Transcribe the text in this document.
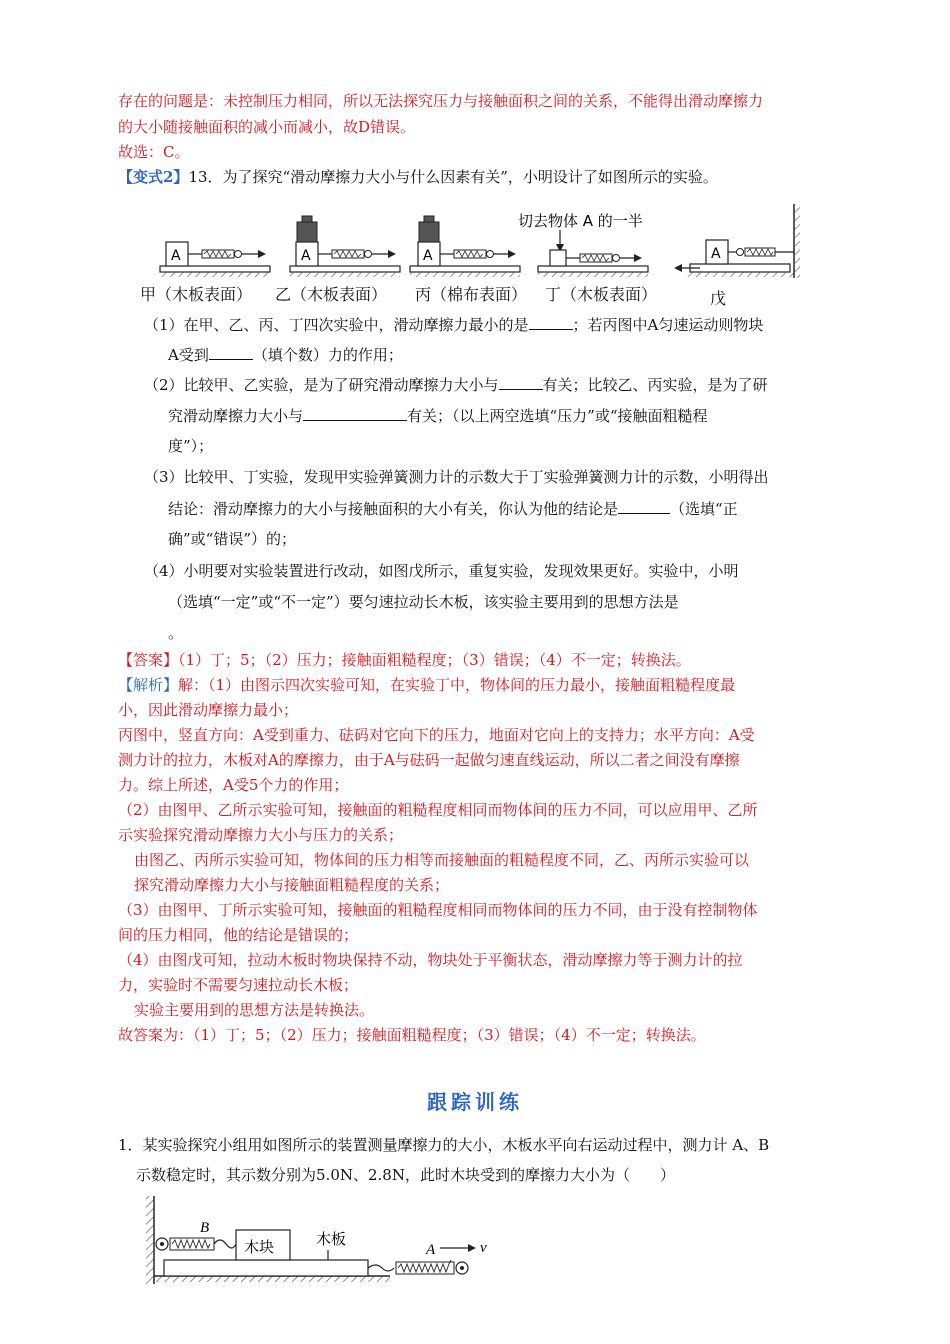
存在的问题是：未控制压力相同，所以无法探究压力与接触面积之间的关系，不能得出滑动摩擦力
的大小随接触面积的减小而减小，故D错误。
故选：C。
【变式2】13．为了探究“滑动摩擦力大小与什么因素有关”，小明设计了如图所示的实验。
A	A	A
切去物体 A 的一半
A
甲（木板表面） 乙（木板表面） 丙（棉布表面） 丁（木板表面）	戊
（1）在甲、乙、丙、丁四次实验中，滑动摩擦力最小的是	；若丙图中A匀速运动则物块
A受到	（填个数）力的作用；
（2）比较甲、乙实验，是为了研究滑动摩擦力大小与	有关；比较乙、丙实验，是为了研
究滑动摩擦力大小与	有关；（以上两空选填“压力”或“接触面粗糙程
度”）；
（3）比较甲、丁实验，发现甲实验弹簧测力计的示数大于丁实验弹簧测力计的示数，小明得出
结论：滑动摩擦力的大小与接触面积的大小有关，你认为他的结论是	（选填“正
确”或“错误”）的；
（4）小明要对实验装置进行改动，如图戊所示，重复实验，发现效果更好。实验中，小明
（选填“一定”或“不一定”）要匀速拉动长木板，该实验主要用到的思想方法是
。
【答案】（1）丁；5；（2）压力；接触面粗糙程度；（3）错误；（4）不一定；转换法。
【解析】解：（1）由图示四次实验可知，在实验丁中，物体间的压力最小，接触面粗糙程度最
小，因此滑动摩擦力最小；
丙图中，竖直方向：A受到重力、砝码对它向下的压力，地面对它向上的支持力；水平方向：A受
测力计的拉力，木板对A的摩擦力，由于A与砝码一起做匀速直线运动，所以二者之间没有摩擦
力。综上所述，A受5个力的作用；
（2）由图甲、乙所示实验可知，接触面的粗糙程度相同而物体间的压力不同，可以应用甲、乙所
示实验探究滑动摩擦力大小与压力的关系；
由图乙、丙所示实验可知，物体间的压力相等而接触面的粗糙程度不同，乙、丙所示实验可以
探究滑动摩擦力大小与接触面粗糙程度的关系；
（3）由图甲、丁所示实验可知，接触面的粗糙程度相同而物体间的压力不同，由于没有控制物体
间的压力相同，他的结论是错误的；
（4）由图戊可知，拉动木板时物块保持不动，物块处于平衡状态，滑动摩擦力等于测力计的拉
力，实验时不需要匀速拉动长木板；
实验主要用到的思想方法是转换法。
故答案为：（1）丁；5；（2）压力；接触面粗糙程度；（3）错误；（4）不一定；转换法。
跟踪训练
1．某实验探究小组用如图所示的装置测量摩擦力的大小，木板水平向右运动过程中，测力计 A、B
示数稳定时，其示数分别为5.0N、2.8N，此时木块受到的摩擦力大小为（　　）
木块	木板
B
A	v
